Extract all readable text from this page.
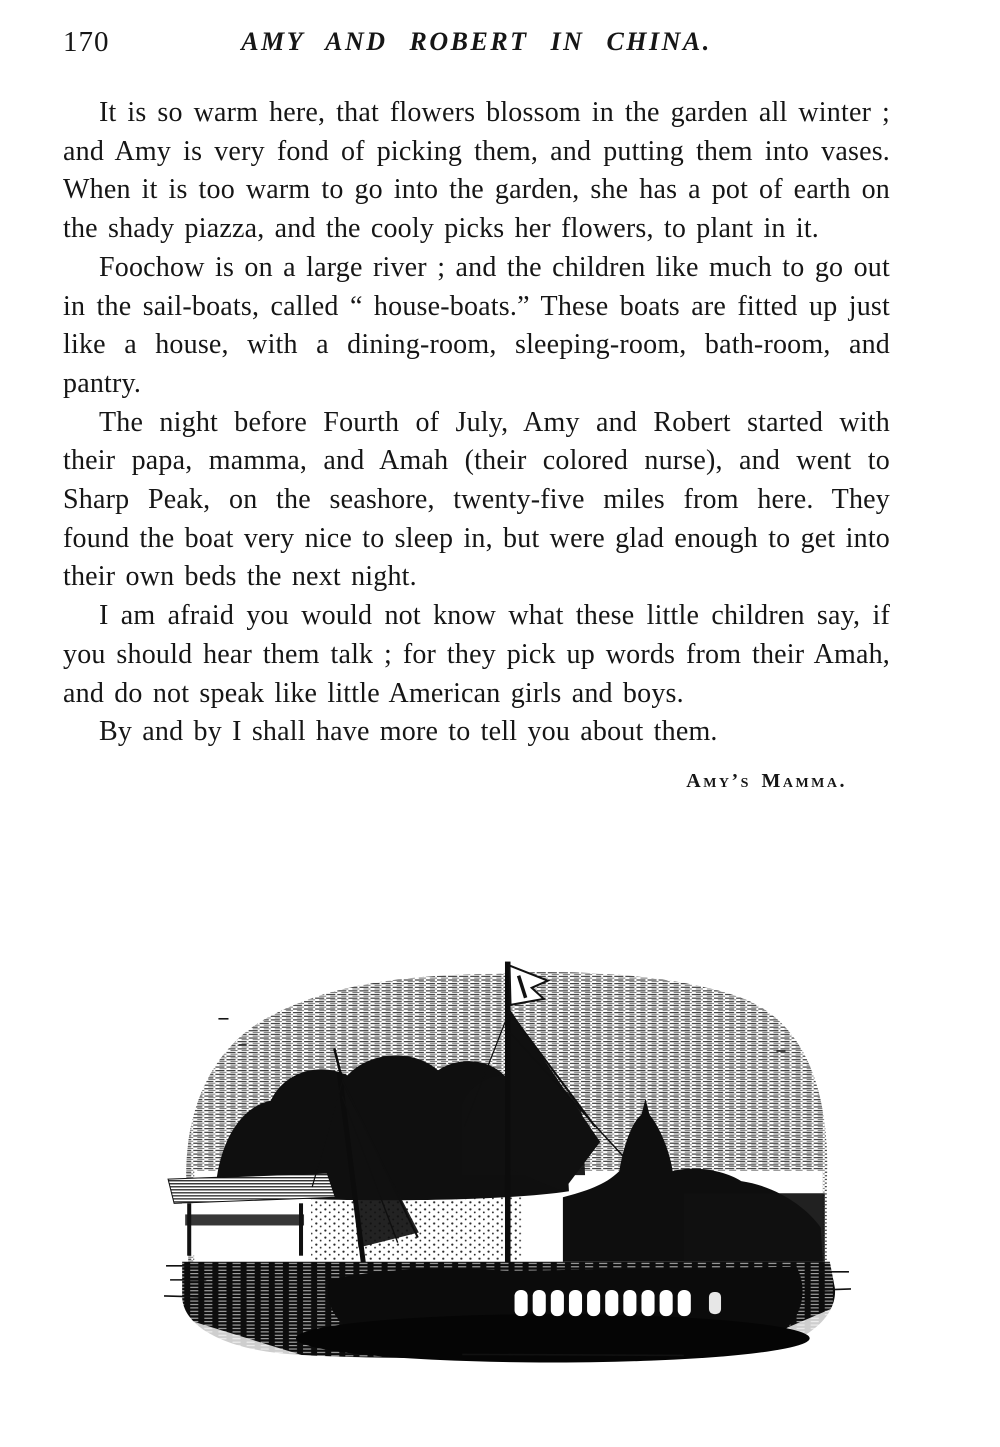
170	AMY AND ROBERT IN CHINA.

It is so warm here, that flowers blossom in the garden all winter ; and Amy is very fond of picking them, and putting them into vases. When it is too warm to go into the garden, she has a pot of earth on the shady piazza, and the cooly picks her flowers, to plant in it.

Foochow is on a large river ; and the children like much to go out in the sail-boats, called “ house-boats.” These boats are fitted up just like a house, with a dining-room, sleeping-room, bath-room, and pantry.

The night before Fourth of July, Amy and Robert started with their papa, mamma, and Amah (their colored nurse), and went to Sharp Peak, on the seashore, twenty-five miles from here. They found the boat very nice to sleep in, but were glad enough to get into their own beds the next night.

I am afraid you would not know what these little children say, if you should hear them talk ; for they pick up words from their Amah, and do not speak like little American girls and boys.

By and by I shall have more to tell you about them.

Amy’s Mamma.
